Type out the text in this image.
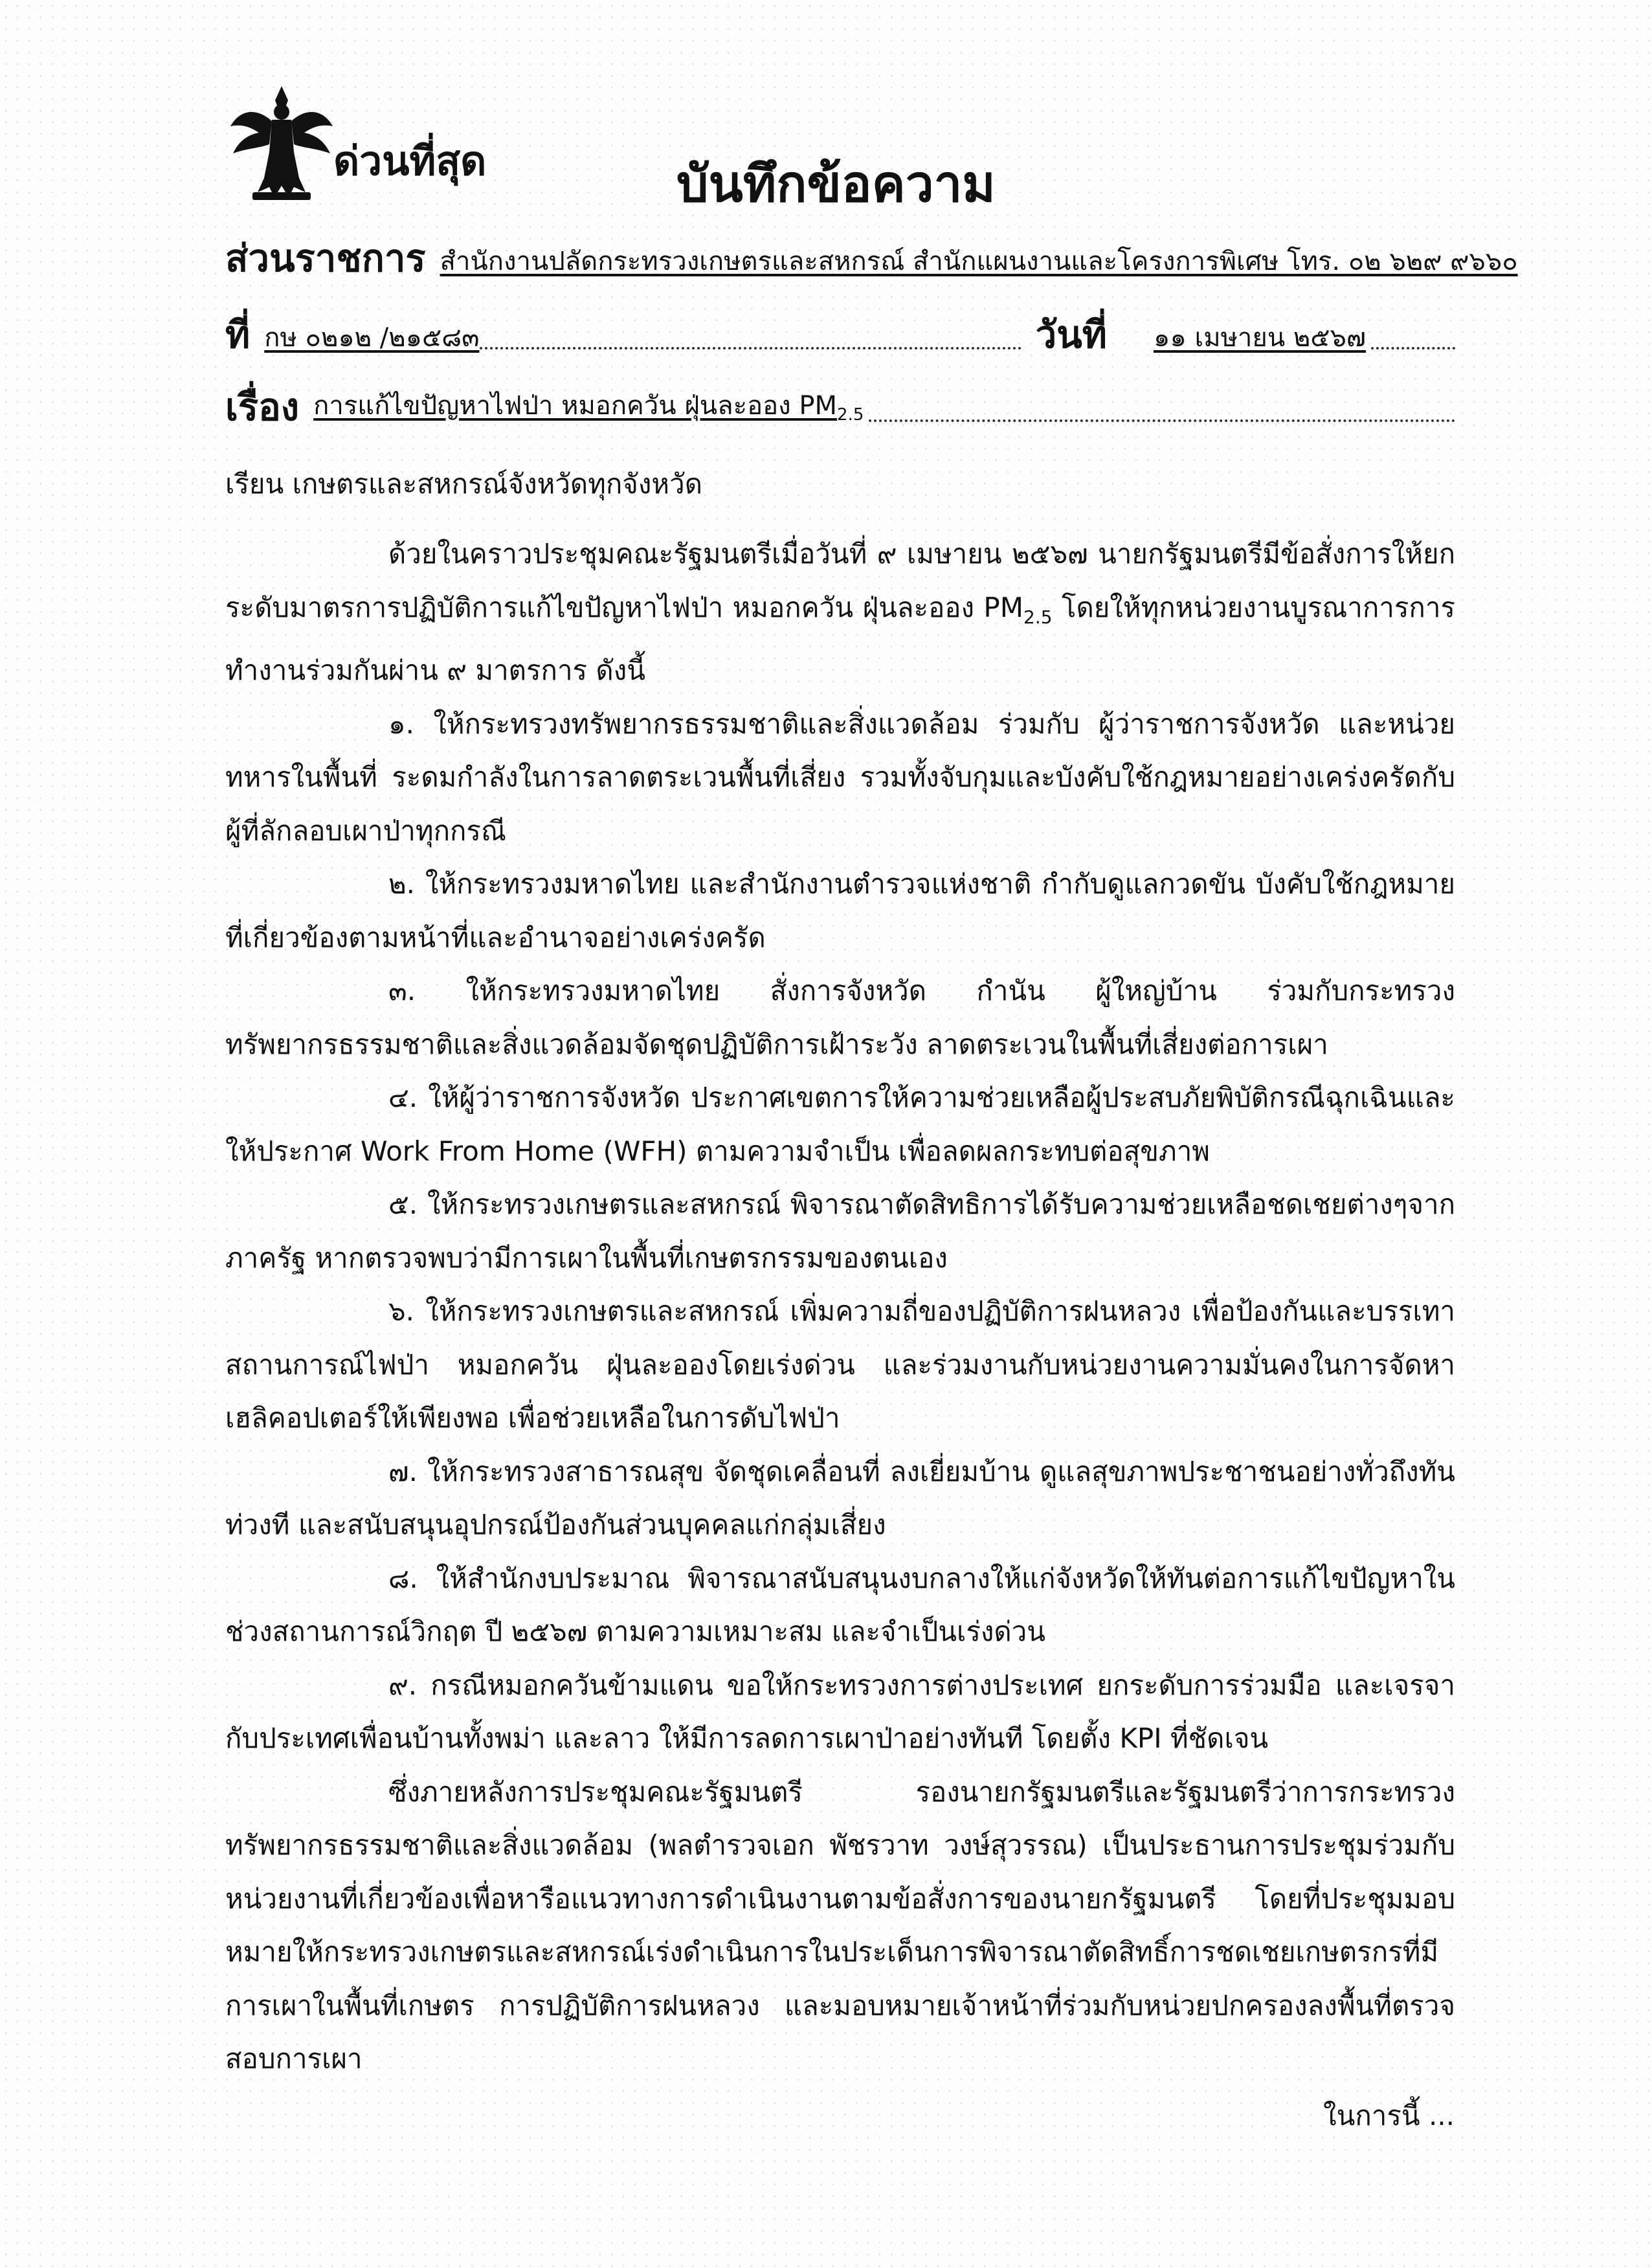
ด่วนที่สุด	บันทึกข้อความ
ส่วนราชการ สำนักงานปลัดกระทรวงเกษตรและสหกรณ์ สำนักแผนงานและโครงการพิเศษ โทร. ๐๒ ๖๒๙ ๙๖๖๐
ที่ กษ ๐๒๑๒ /๒๑๕๘๓	วันที่ ๑๑ เมษายน ๒๕๖๗
เรื่อง การแก้ไขปัญหาไฟป่า หมอกควัน ฝุ่นละออง $PM_{2.5}$
เรียน เกษตรและสหกรณ์จังหวัดทุกจังหวัด

ด้วยในคราวประชุมคณะรัฐมนตรีเมื่อวันที่ ๙ เมษายน ๒๕๖๗ นายกรัฐมนตรีมีข้อสั่งการให้ยกระดับมาตรการปฏิบัติการแก้ไขปัญหาไฟป่า หมอกควัน ฝุ่นละออง $PM_{2.5}$ โดยให้ทุกหน่วยงานบูรณาการการทำงานร่วมกันผ่าน ๙ มาตรการ ดังนี้

๑. ให้กระทรวงทรัพยากรธรรมชาติและสิ่งแวดล้อม ร่วมกับ ผู้ว่าราชการจังหวัด และหน่วยทหารในพื้นที่ ระดมกำลังในการลาดตระเวนพื้นที่เสี่ยง รวมทั้งจับกุมและบังคับใช้กฎหมายอย่างเคร่งครัดกับผู้ที่ลักลอบเผาป่าทุกกรณี

๒. ให้กระทรวงมหาดไทย และสำนักงานตำรวจแห่งชาติ กำกับดูแลกวดขัน บังคับใช้กฎหมายที่เกี่ยวข้องตามหน้าที่และอำนาจอย่างเคร่งครัด

๓. ให้กระทรวงมหาดไทย สั่งการจังหวัด กำนัน ผู้ใหญ่บ้าน ร่วมกับกระทรวงทรัพยากรธรรมชาติและสิ่งแวดล้อมจัดชุดปฏิบัติการเฝ้าระวัง ลาดตระเวนในพื้นที่เสี่ยงต่อการเผา

๔. ให้ผู้ว่าราชการจังหวัด ประกาศเขตการให้ความช่วยเหลือผู้ประสบภัยพิบัติกรณีฉุกเฉินและให้ประกาศ Work From Home (WFH) ตามความจำเป็น เพื่อลดผลกระทบต่อสุขภาพ

๕. ให้กระทรวงเกษตรและสหกรณ์ พิจารณาตัดสิทธิการได้รับความช่วยเหลือชดเชยต่างๆจากภาครัฐ หากตรวจพบว่ามีการเผาในพื้นที่เกษตรกรรมของตนเอง

๖. ให้กระทรวงเกษตรและสหกรณ์ เพิ่มความถี่ของปฏิบัติการฝนหลวง เพื่อป้องกันและบรรเทาสถานการณ์ไฟป่า หมอกควัน ฝุ่นละอองโดยเร่งด่วน และร่วมงานกับหน่วยงานความมั่นคงในการจัดหาเฮลิคอปเตอร์ให้เพียงพอ เพื่อช่วยเหลือในการดับไฟป่า

๗. ให้กระทรวงสาธารณสุข จัดชุดเคลื่อนที่ ลงเยี่ยมบ้าน ดูแลสุขภาพประชาชนอย่างทั่วถึงทันท่วงที และสนับสนุนอุปกรณ์ป้องกันส่วนบุคคลแก่กลุ่มเสี่ยง

๘. ให้สำนักงบประมาณ พิจารณาสนับสนุนงบกลางให้แก่จังหวัดให้ทันต่อการแก้ไขปัญหาในช่วงสถานการณ์วิกฤต ปี ๒๕๖๗ ตามความเหมาะสม และจำเป็นเร่งด่วน

๙. กรณีหมอกควันข้ามแดน ขอให้กระทรวงการต่างประเทศ ยกระดับการร่วมมือ และเจรจากับประเทศเพื่อนบ้านทั้งพม่า และลาว ให้มีการลดการเผาป่าอย่างทันที โดยตั้ง KPI ที่ชัดเจน

ซึ่งภายหลังการประชุมคณะรัฐมนตรี รองนายกรัฐมนตรีและรัฐมนตรีว่าการกระทรวงทรัพยากรธรรมชาติและสิ่งแวดล้อม (พลตำรวจเอก พัชรวาท วงษ์สุวรรณ) เป็นประธานการประชุมร่วมกับหน่วยงานที่เกี่ยวข้องเพื่อหารือแนวทางการดำเนินงานตามข้อสั่งการของนายกรัฐมนตรี โดยที่ประชุมมอบหมายให้กระทรวงเกษตรและสหกรณ์เร่งดำเนินการในประเด็นการพิจารณาตัดสิทธิ์การชดเชยเกษตรกรที่มีการเผาในพื้นที่เกษตร การปฏิบัติการฝนหลวง และมอบหมายเจ้าหน้าที่ร่วมกับหน่วยปกครองลงพื้นที่ตรวจสอบการเผา

ในการนี้ ...
